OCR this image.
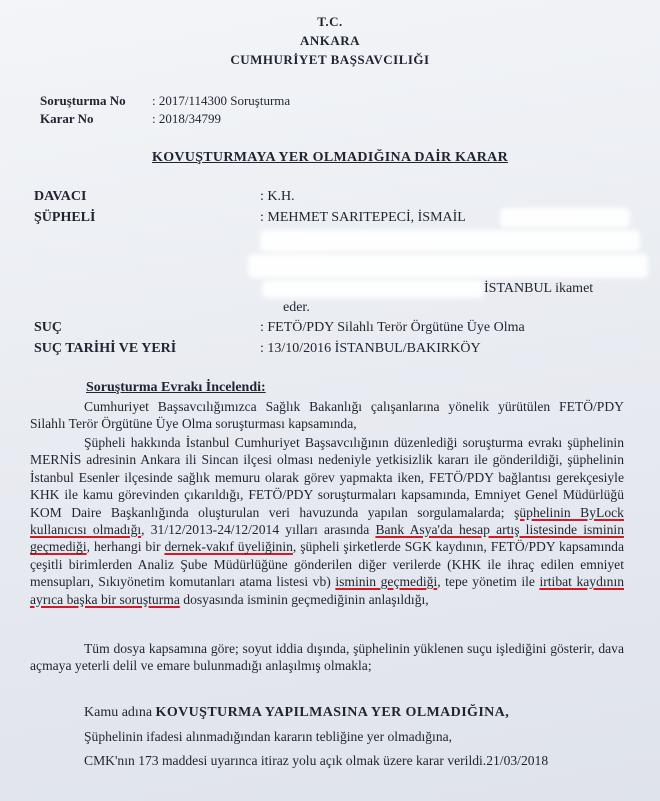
T.C.
ANKARA
CUMHURİYET BAŞSAVCILIĞI
Soruşturma No : 2017/114300 Soruşturma
Karar No	: 2018/34799
KOVUŞTURMAYA YER OLMADIĞINA DAİR KARAR
DAVACI	: K.H.
ŞÜPHELİ	: MEHMET SARITEPECİ, İSMAİL
İSTANBUL ikamet
eder.
SUÇ	: FETÖ/PDY Silahlı Terör Örgütüne Üye Olma
SUÇ TARİHİ VE YERİ	: 13/10/2016 İSTANBUL/BAKIRKÖY
Soruşturma Evrakı İncelendi:
Cumhuriyet Başsavcılığımızca Sağlık Bakanlığı çalışanlarına yönelik yürütülen FETÖ/PDY Silahlı Terör Örgütüne Üye Olma soruşturması kapsamında,
Şüpheli hakkında İstanbul Cumhuriyet Başsavcılığının düzenlediği soruşturma evrakı şüphelinin MERNİS adresinin Ankara ili Sincan ilçesi olması nedeniyle yetkisizlik kararı ile gönderildiği, şüphelinin İstanbul Esenler ilçesinde sağlık memuru olarak görev yapmakta iken, FETÖ/PDY bağlantısı gerekçesiyle KHK ile kamu görevinden çıkarıldığı, FETÖ/PDY soruşturmaları kapsamında, Emniyet Genel Müdürlüğü KOM Daire Başkanlığında oluşturulan veri havuzunda yapılan sorgulamalarda; şüphelinin ByLock kullanıcısı olmadığı, 31/12/2013-24/12/2014 yılları arasında Bank Asya'da hesap artış listesinde isminin geçmediği, herhangi bir dernek-vakıf üyeliğinin, şüpheli şirketlerde SGK kaydının, FETÖ/PDY kapsamında çeşitli birimlerden Analiz Şube Müdürlüğüne gönderilen diğer verilerde (KHK ile ihraç edilen emniyet mensupları, Sıkıyönetim komutanları atama listesi vb) isminin geçmediği, tepe yönetim ile irtibat kaydının ayrıca başka bir soruşturma dosyasında isminin geçmediğinin anlaşıldığı,
Tüm dosya kapsamına göre; soyut iddia dışında, şüphelinin yüklenen suçu işlediğini gösterir, dava açmaya yeterli delil ve emare bulunmadığı anlaşılmış olmakla;
Kamu adına KOVUŞTURMA YAPILMASINA YER OLMADIĞINA,
Şüphelinin ifadesi alınmadığından kararın tebliğine yer olmadığına,
CMK'nın 173 maddesi uyarınca itiraz yolu açık olmak üzere karar verildi.21/03/2018
